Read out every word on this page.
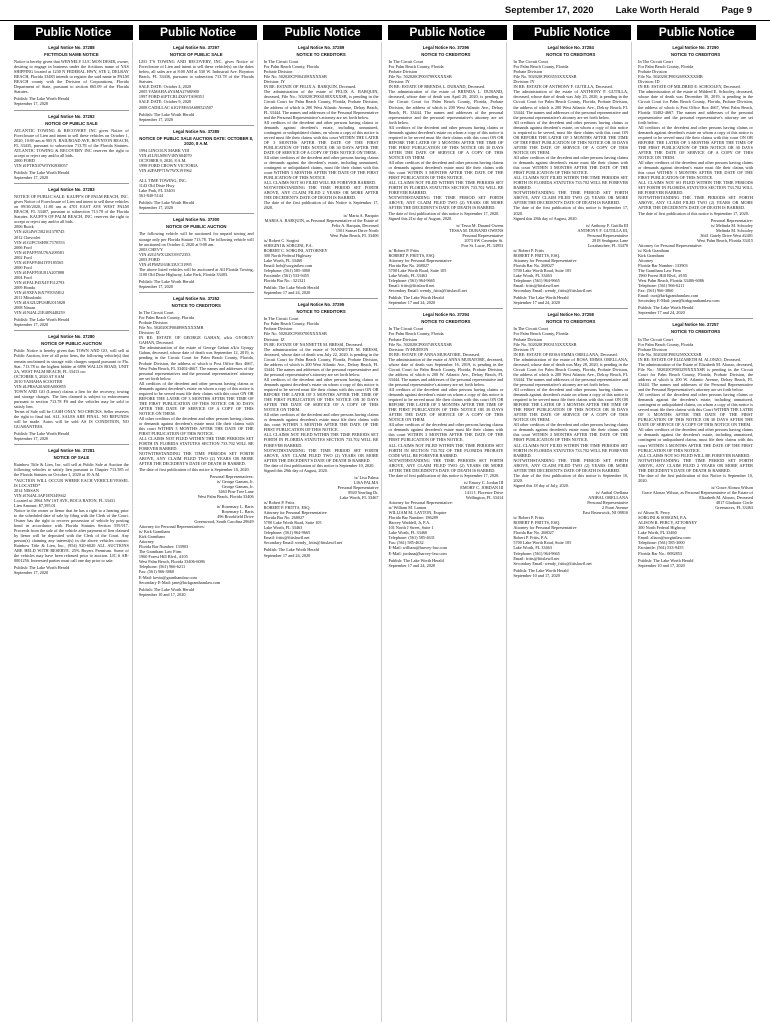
September 17, 2020 Lake Worth Herald Page 9
Public Notice	Public Notice	Public Notice	Public Notice	Public Notice	Public Notice
Legal Notice No. 37288
FICTITIOUS NAME NOTICE
Notice is hereby given that WENNELY LUC MON DESIR, owner, desiring to engage in business under the fictitious name of YAS SHIPPING located at 1230 N FEDERAL HWY, STE 2, DELRAY BEACH, Florida 33483 intends to register the said name in PALM BEACH county with the Division of Corporations, Florida Department of State, pursuant to section 865.09 of the Florida Statutes.
Publish: The Lake Worth Herald
September 17, 2020
Legal Notice No. 37292
NOTICE OF PUBLIC SALE
ATLANTIC TOWING & RECOVERY INC gives Notice of Foreclosure of Lien and intent to sell these vehicles on October 1, 2020, 10:00 am at 905 N. RAILROAD AVE, BOYNTON BEACH, FL 33435, pursuant to subsection 713.78 of the Florida Statutes. ATLANTIC TOWING & RECOVERY INC reserves the right to accept or reject any and/or all bids.
2000 FORD
VIN #1FTRX07W5YKB38057
Publish: The Lake Worth Herald
September 17, 2020
Legal Notice No. 37283
NOTICE OF PUBLIC SALE: KAUFF'S OF PALM BEACH, INC. gives Notice of Foreclosure of Lien and intent to sell these vehicles on 09/30/2020, 11:00 am at 4701 EAST AVE WEST PALM BEACH, FL 33407, pursuant to subsection 713.78 of the Florida Statutes. KAUFF'S OF PALM BEACH, INC. reserves the right to accept or reject any and/or all bids.
2006 Buick
VIN #2G4WC582161378745
2012 Chevrolet
VIN #1G1PC5SH9C7170553
2006 Ford
VIN #1FAFP55U76A209581
2002 Ford
VIN #1FAFP4041YF185565
2000 Ford
VIN #1FAFP53U81A207888
2004 Ford
VIN #1FALP45X4YF112793
2009 Honda
VIN #19XFA16X79T035812
2011 Mitsubishi
VIN #JA32U2FU6BU015828
2008 Nissan
VIN #1N4AL21E48N448259
Publish: The Lake Worth Herald
September 17, 2020
Legal Notice No. 37280
NOTICE OF PUBLIC AUCTION
Public Notice is hereby given that TOWN AND GO, will sell at Public Auction, free of all prior liens, the following vehicle(s) that remain unclaimed in storage with charges unpaid pursuant to Fla. Stat. 713.78 to the highest bidder at 6896 WALLIS ROAD, UNIT 2A, WEST PALM BEACH, FL 33413 on:
OCTOBER 5, 2020 AT 8 AM
2010 YAMAHA SCOOTER
VIN #LPRSA20A0EA000855
TOWN AND GO (Lienor) claims a lien for the recovery, towing and storage charges. The lien claimed is subject to enforcement pursuant to section 713.78 FS and the vehicles may be sold to satisfy lien.
Terms of Sale will be CASH ONLY. NO CHECKS. Seller reserves the right to final bid. ALL SALES ARE FINAL. NO REFUNDS will be made. Autos will be sold AS IS CONDITION, NO GUARANTEES.
Publish: The Lake Worth Herald
September 17, 2020
Legal Notice No. 37281
NOTICE OF SALE
Rainbow Title & Lien, Inc. will sell at Public Sale at Auction the following vehicles to satisfy lien pursuant to Chapter 713.585 of the Florida Statutes on October 1, 2020 at 10 A.M.
*AUCTION WILL OCCUR WHERE EACH VEHICLE/VESSEL IS LOCATED*
2014 NISSAN
VIN #1N4AL3AP1EN349942
Located at: 2064 NW 1ST AVE, BOCA RATON, FL 33431
Lien Amount: $7,395.01
Notice to the owner or lienor that he has a right to a hearing prior to the scheduled date of sale by filing with the Clerk of the Court. Owner has the right to recover possession of vehicle by posting bond in accordance with Florida Statutes Section 559.917. Proceeds from the sale of the vehicle after payment of lien claimed by lienor will be deposited with the Clerk of the Court. Any person(s) claiming any interest(s) in the above vehicles contact: Rainbow Title & Lien, Inc., (954) 920-6020 ALL AUCTIONS ARE HELD WITH RESERVE. 25% Buyers Premium. Some of the vehicles may have been released prior to auction. LIC # AB-0001256. Interested parties must call one day prior to sale.
Publish: The Lake Worth Herald
September 17, 2020
Legal Notice No. 37297
NOTICE OF PUBLIC SALE
LEO T'S TOWING AND RECOVERY, INC. gives Notice of Foreclosure of Lien and intent to sell these vehicle(s) on the dates below, all sales are at 8:00 AM at 530 W. Industrial Ave. Boynton Beach, FL 33436, pursuant to subsection 713.78 of the Florida Statutes.
SALE DATE: October 4, 2020
2005 YAMAHA #YAMA2768J900
1997 FORD #1FTCR14X6VTA98351
SALE DATE: October 9, 2020
2008 CADILLAC #1GYEE63A688523507
Publish: The Lake Worth Herald
September 17, 2020
Legal Notice No. 37285
NOTICE OF PUBLIC SALE AUCTION DATE: OCTOBER 8, 2020, 8 A.M.
1994 LINCOLN MARK VIII
VIN #1LNLM91V1RY604070
OCTOBER 9, 2020, 8 A.M.
1998 FORD CROWN VICTORIA
VIN #2FAFP71W7WX191962

ALL TIME TOWING, INC.
1143 Old Dixie Hwy
Lake Park, FL 33403
561-840-5144
Publish: The Lake Worth Herald
September 17, 2020
Legal Notice No. 37300
NOTICE OF PUBLIC AUCTION
The following vehicle will be auctioned for unpaid towing and storage only per Florida Statute 713.78. The following vehicle will be auctioned on October 4, 2020 at 9:00 am.
2003 CHEVY
VIN #2G1WX12K539372353
2003 FORD
VIN #1FMZU63K33UC31995
The above listed vehicles will be auctioned at All Florida Towing, 1100 Old Dixie Highway, Lake Park, Florida 33403.
Publish: The Lake Worth Herald
September 17, 2020
Legal Notice No. 37252
NOTICE TO CREDITORS
In The Circuit Court
For Palm Beach County, Florida
Probate Division
File No. 502020CP004898XXXXMB
Division: IZ
IN RE: ESTATE OF GEORGE GAHAN, a/k/a GYORGY GAHAN, Deceased.
The administration of the estate of George Gahan a/k/a Gyorgy Gahan, deceased, whose date of death was September 12, 2019, is pending in the Circuit Court for Palm Beach County, Florida, Probate Division, the address of which is Post Office Box 4667, West Palm Beach, FL 33402-4667. The names and addresses of the personal representatives and the personal representatives' attorney are set forth below.
All creditors of the decedent and other persons having claims or demands against decedent's estate on whom a copy of this notice is required to be served must file their claims with this court ON OR BEFORE THE LATER OF 3 MONTHS AFTER THE TIME OF THE FIRST PUBLICATION OF THIS NOTICE OR 30 DAYS AFTER THE DATE OF SERVICE OF A COPY OF THIS NOTICE ON THEM.
All other creditors of the decedent and other persons having claims or demands against decedent's estate must file their claims with this court WITHIN 3 MONTHS AFTER THE DATE OF THE FIRST PUBLICATION OF THIS NOTICE.
ALL CLAIMS NOT FILED WITHIN THE TIME PERIODS SET FORTH IN FLORIDA STATUTES SECTION 733.702 WILL BE FOREVER BARRED.
NOTWITHSTANDING THE TIME PERIODS SET FORTH ABOVE, ANY CLAIM FILED TWO (2) YEARS OR MORE AFTER THE DECEDENT'S DATE OF DEATH IS BARRED.
The date of first publication of this notice is September 10, 2020.
Personal Representatives:
is/ George Gaman, Jr.
George Gaman, Jr.
3463 Pine Tree Lane
West Palm Beach, Florida 33406

is/ Rosemary L. Baris
Rosemary L. Baris
496 Brookfield Drive
Greenwood, South Carolina 29649
Attorney for Personal Representatives:
is/ Kirk Grantham
Kirk Grantham
Attorney
Florida Bar Number: 133903
The Grantham Law Firm
1960 Forest Hill Blvd., #105
West Palm Beach, Florida 33406-6086
Telephone: (561) 966-6211
Fax: (561) 966-3860
E-Mail: kevin@granthamlaw.com
Secondary E-Mail: jane@kirkgranthamlaw.com
Publish: The Lake Worth Herald
September 10 and 17, 2020
Legal Notice No. 37289
NOTICE TO CREDITORS
In The Circuit Court
For Palm Beach County, Florida
Probate Division
File No. 502020CP004108XXXXSB
Division: IY
IN RE: ESTATE OF FELIX A. BARQUIN, Deceased.
The administration of the estate of FELIX A. BARQUIN, deceased, File No.: 502020CP004108XXXXSB, is pending in the Circuit Court for Palm Beach County, Florida, Probate Division, the address of which is 200 West Atlantic Avenue, Delray Beach, FL 33444. The names and addresses of the Personal Representative and the Personal Representative's attorney are set forth below.
All creditors of the decedent and other persons having claims or demands against decedent's estate, including unmatured, contingent or unliquidated claims, on whom a copy of this notice is served must file their claims with this court WITHIN THE LATER OF 3 MONTHS AFTER THE DATE OF THE FIRST PUBLICATION OF THIS NOTICE OR 30 DAYS AFTER THE DATE OF SERVICE OF A COPY OF THIS NOTICE ON THEM.
All other creditors of the decedent and other persons having claims or demands against the decedent's estate, including unmatured, contingent or unliquidated claims, must file their claims with this court WITHIN 3 MONTHS AFTER THE DATE OF THE FIRST PUBLICATION OF THIS NOTICE.
ALL CLAIMS NOT SO FILED WILL BE FOREVER BARRED.
NOTWITHSTANDING THE TIME PERIOD SET FORTH ABOVE, ANY CLAIM FILED 2 YEARS OR MORE AFTER THE DECEDENT'S DATE OF DEATH IS BARRED.
The date of the first publication of this Notice is September 17, 2020.
is/ Maria A. Barquin
MARIA A. BARQUIN, as Personal Representative of the Estate of Felix A. Barquin, Deceased
1501 Sunset Drive North
West Palm Beach, FL 33406
is/ Robert C. Sorgini
SORGINI & SORGINI, P.A.
ROBERT C. SORGINI, ATTORNEY
300 North Federal Highway
Lake Worth, FL 33460
Email: bob@sorginilaw.com
Telephone: (561) 585-3000
Facsimile: (561) 533-9455
Florida Bar No.: 321321
Publish: The Lake Worth Herald
September 17 and 24, 2020
Legal Notice No. 37295
NOTICE TO CREDITORS
In The Circuit Court
For Palm Beach County, Florida
Probate Division
File No. 502020CP003700XXXXSB
Division: IZ
IN RE: ESTATE OF NANNETTE M. BRESSI, Deceased.
The administration of the estate of NANNETTE M. BRESSI, deceased, whose date of death was July 22, 2020, is pending in the Circuit Court for Palm Beach County, Florida, Probate Division, the address of which is 200 West Atlantic Ave., Delray Beach, FL 33444. The names and addresses of the personal representative and the personal representative's attorney are set forth below.
All creditors of the decedent and other persons having claims or demands against decedent's estate on whom a copy of this notice is required to be served must file their claims with this court ON OR BEFORE THE LATER OF 3 MONTHS AFTER THE TIME OF THE FIRST PUBLICATION OF THIS NOTICE OR 30 DAYS AFTER THE DATE OF SERVICE OF A COPY OF THIS NOTICE ON THEM.
All other creditors of the decedent and other persons having claims or demands against decedent's estate must file their claims with this court WITHIN 3 MONTHS AFTER THE DATE OF THE FIRST PUBLICATION OF THIS NOTICE.
ALL CLAIMS NOT FILED WITHIN THE TIME PERIODS SET FORTH IN FLORIDA STATUTES SECTION 733.702 WILL BE FOREVER BARRED.
NOTWITHSTANDING THE TIME PERIOD SET FORTH ABOVE, ANY CLAIM FILED TWO (2) YEARS OR MORE AFTER THE DECEDENT'S DATE OF DEATH IS BARRED.
The date of first publication of this notice is September 10, 2020.
Signed this 29th day of August, 2020.
is/ Lisa Palma
LISA PALMA
Personal Representative
8920 Yearling Dr.
Lake Worth, FL 33467
is/ Robert P. Fritts
ROBERT P. FRITTS, ESQ.
Attorney for Personal Representative
Florida Bar No. 268027
5700 Lake Worth Road, Suite 105
Lake Worth, FL 33463
Telephone: (561) 964-9665
Email: fritts@fittslawfl.net
Secondary Email: wendy_fritts@fittslawfl.net
Publish: The Lake Worth Herald
September 17 and 24, 2020
Legal Notice No. 37296
NOTICE TO CREDITORS
In The Circuit Court
For Palm Beach County, Florida
Probate Division
File No. 502020CP003789XXXXSB
Division: IY
IN RE: ESTATE OF BRENDA L. DURAND, Deceased.
The administration of the estate of BRENDA L. DURAND, deceased, whose date of death was April 29, 2020, is pending in the Circuit Court for Palm Beach County, Florida, Probate Division, the address of which is 200 West Atlantic Ave., Delray Beach, FL 33444. The names and addresses of the personal representative and the personal representative's attorney are set forth below.
All creditors of the decedent and other persons having claims or demands against decedent's estate on whom a copy of this notice is required to be served must file their claims with this court ON OR BEFORE THE LATER OF 3 MONTHS AFTER THE TIME OF THE FIRST PUBLICATION OF THIS NOTICE OR 30 DAYS AFTER THE DATE OF SERVICE OF A COPY OF THIS NOTICE ON THEM.
All other creditors of the decedent and other persons having claims or demands against decedent's estate must file their claims with this court WITHIN 3 MONTHS AFTER THE DATE OF THE FIRST PUBLICATION OF THIS NOTICE.
ALL CLAIMS NOT FILED WITHIN THE TIME PERIODS SET FORTH IN FLORIDA STATUTES SECTION 733.702 WILL BE FOREVER BARRED.
NOTWITHSTANDING THE TIME PERIOD SET FORTH ABOVE, ANY CLAIM FILED TWO (2) YEARS OR MORE AFTER THE DECEDENT'S DATE OF DEATH IS BARRED.
The date of first publication of this notice is September 17, 2020.
Signed this 21st day of August, 2020.
is/ Tessa M. Durand Owens
TESSA M. DURAND OWENS
Personal Representative
2073 SW Cavender St.
Port St. Lucie, FL 34953
is/ Robert P. Fritts
ROBERT P. FRITTS, ESQ.
Attorney for Personal Representative
Florida Bar No. 268027
5700 Lake Worth Road, Suite 105
Lake Worth, FL 33463
Telephone: (561) 964-9665
Email: fritts@fittslawfl.net
Secondary Email: wendy_fritts@fittslawfl.net
Publish: The Lake Worth Herald
September 17 and 24, 2020
Legal Notice No. 37294
NOTICE TO CREDITORS
In The Circuit Court
For Palm Beach County, Florida
Probate Division
File No. 502020CP003749XXXXSB
Division: IY/HURTON
IN RE: ESTATE OF ANNA MURATORE, Deceased.
The administration of the estate of ANNA MURATORE, deceased, whose date of death was September 16, 2019, is pending in the Circuit Court for Palm Beach County, Florida, Probate Division, the address of which is 200 W. Atlantic Ave., Delray Beach, FL 33444. The names and addresses of the personal representative and the personal representative's attorney are set forth below.
All creditors of the decedent and other persons having claims or demands against decedent's estate on whom a copy of this notice is required to be served must file their claims with this court ON OR BEFORE THE LATER OF 3 MONTHS AFTER THE TIME OF THE FIRST PUBLICATION OF THIS NOTICE OR 30 DAYS AFTER THE DATE OF SERVICE OF A COPY OF THIS NOTICE ON THEM.
All other creditors of the decedent and other persons having claims or demands against decedent's estate must file their claims with this court WITHIN 3 MONTHS AFTER THE DATE OF THE FIRST PUBLICATION OF THIS NOTICE.
ALL CLAIMS NOT FILED WITHIN THE TIME PERIODS SET FORTH IN SECTION 733.702 OF THE FLORIDA PROBATE CODE WILL BE FOREVER BARRED.
NOTWITHSTANDING THE TIME PERIODS SET FORTH ABOVE, ANY CLAIM FILED TWO (2) YEARS OR MORE AFTER THE DECEDENT'S DATE OF DEATH IS BARRED.
The date of first publication of this notice is September 17, 2020.
is/ Emory C. Jordan III
EMORY C. JORDAN III
1411 I. Florence Drive
Wellington, FL 33414
Attorney for Personal Representative:
is/ William M. Lanton
WILLIAM M. LAYTON, Esquire
Florida Bar Number: 186289
Harvey Waddell, Jr, P.A.
101 North J Street, Suite 1
Lake Worth, FL 33460
Telephone: (561) 585-4631
Fax: (561) 585-4632
E-Mail: william@harvey-law.com
E-Mail: jordana@harvey-law.com
Publish: The Lake Worth Herald
September 17 and 24, 2020
Legal Notice No. 37284
NOTICE TO CREDITORS
In The Circuit Court
For Palm Beach County, Florida
Probate Division
File No. 502020CP003553XXXXSB
Division: IY
IN RE: ESTATE OF ANTHONY F. GUTILLA, Deceased.
The administration of the estate of ANTHONY F. GUTILLA, deceased, whose date of death was July 25, 2020, is pending in the Circuit Court for Palm Beach County, Florida, Probate Division, the address of which is 200 West Atlantic Ave., Delray Beach, FL 33444. The names and addresses of the personal representative and the personal representative's attorney are set forth below.
All creditors of the decedent and other persons having claims or demands against decedent's estate, on whom a copy of this notice is required to be served, must file their claims with this court ON OR BEFORE THE LATER OF 3 MONTHS AFTER THE TIME OF THE FIRST PUBLICATION OF THIS NOTICE OR 30 DAYS AFTER THE DATE OF SERVICE OF A COPY OF THIS NOTICE ON THEM.
All other creditors of the decedent and other persons having claims or demands against decedent's estate must file their claims with this court WITHIN 3 MONTHS AFTER THE DATE OF THE FIRST PUBLICATION OF THIS NOTICE.
ALL CLAIMS NOT FILED WITHIN THE TIME PERIODS SET FORTH IN FLORIDA STATUTES 733.702 WILL BE FOREVER BARRED.
NOTWITHSTANDING THE TIME PERIOD SET FORTH ABOVE, ANY CLAIM FILED TWO (2) YEARS OR MORE AFTER THE DECEDENT'S DATE OF DEATH IS BARRED.
The date of the first publication of this notice is September 17, 2020.
Signed this 28th day of August, 2020.
is/ Anthony F. Gutilla III
ANTHONY F. GUTILLA III,
Personal Representative
2918 Seahgrass Lane
Loxahatchee, FL 33470
is/ Robert P. Fritts
ROBERT P. FRITTS, ESQ.
Attorney for Personal Representative
Florida Bar No. 268027
5700 Lake Worth Road, Suite 105
Lake Worth, FL 33463
Telephone: (561) 964-9665
Email: fritts@fittslawfl.net
Secondary Email: wendy_fritts@fittslawfl.net
Publish: The Lake Worth Herald
September 17 and 24, 2020
Legal Notice No. 37258
NOTICE TO CREDITORS
In The Circuit Court
For Palm Beach County, Florida
Probate Division
File No. 502020CP003153XXXXSB
Division: IY
IN RE: ESTATE OF ROSA EMMA ORELLANA, Deceased.
The administration of the estate of ROSA EMMA ORELLANA, deceased, whose date of death was May 28, 2020, is pending in the Circuit Court for Palm Beach County, Florida, Probate Division, the address of which is 200 West Atlantic Ave., Delray Beach, FL 33444. The names and addresses of the personal representative and the personal representative's attorney are set forth below.
All creditors of the decedent and other persons having claims or demands against decedent's estate on whom a copy of this notice is required to be served must file their claims with this court ON OR BEFORE THE LATER OF 3 MONTHS AFTER THE TIME OF THE FIRST PUBLICATION OF THIS NOTICE OR 30 DAYS AFTER THE DATE OF SERVICE OF A COPY OF THIS NOTICE ON THEM.
All other creditors of the decedent and other persons having claims or demands against decedent's estate must file their claims with this court WITHIN 3 MONTHS AFTER THE DATE OF THE FIRST PUBLICATION OF THIS NOTICE.
ALL CLAIMS NOT FILED WITHIN THE TIME PERIODS SET FORTH IN FLORIDA STATUTES 733.702 WILL BE FOREVER BARRED.
NOTWITHSTANDING THE TIME PERIOD SET FORTH ABOVE, ANY CLAIM FILED TWO (2) YEARS OR MORE AFTER THE DECEDENT'S DATE OF DEATH IS BARRED.
The date of the first publication of this notice is September 10, 2020.
Signed this 18 day of July, 2020.
is/ Anibal Orellana
ANIBAL ORELLANA
Personal Representative
2 Front Avenue
East Brunswick, NJ 08816
is/ Robert P. Fritts
ROBERT P. FRITTS, ESQ.
Attorney for Personal Representative
Florida Bar No. 268027
Robert P. Fritts, P.A.
5700 Lake Worth Road, Suite 105
Lake Worth, FL 33463
Telephone: (561) 964-9665
Email: fritts@fittslawfl.net
Secondary Email: wendy_fritts@fittslawfl.net
Publish: The Lake Worth Herald
September 10 and 17, 2020
Legal Notice No. 37290
NOTICE TO CREDITORS
In The Circuit Court
For Palm Beach County, Florida
Probate Division
File No. 502020CP003269XXXXMB
Division: ID
IN RE: ESTATE OF MILDRED E. SCHOOLEY, Deceased.
The administration of the estate of Mildred E. Schooley, deceased, whose date of death was December 30, 2019, is pending in the Circuit Court for Palm Beach County, Florida, Probate Division, the address of which is Post Office Box 4667, West Palm Beach, Florida 33402-4667. The names and addresses of the personal representative and the personal representative's attorney are set forth below.
All creditors of the decedent and other persons having claims or demands against decedent's estate on whom a copy of this notice is required to be served must file their claims with this court ON OR BEFORE THE LATER OF 3 MONTHS AFTER THE TIME OF THE FIRST PUBLICATION OF THIS NOTICE OR 30 DAYS AFTER THE DATE OF SERVICE OF A COPY OF THIS NOTICE ON THEM.
All other creditors of the decedent and other persons having claims or demands against decedent's estate must file their claims with this court WITHIN 3 MONTHS AFTER THE DATE OF THE FIRST PUBLICATION OF THIS NOTICE.
ALL CLAIMS NOT SO FILED WITHIN THE TIME PERIODS SET FORTH IN FLORIDA STATUTES SECTION 733.702 WILL BE FOREVER BARRED.
NOTWITHSTANDING THE TIME PERIODS SET FORTH ABOVE, ANY CLAIM FILED TWO (2) YEARS OR MORE AFTER THE DECEDENT'S DATE OF DEATH IS BARRED.
The date of first publication of this notice is September 17, 2020.
Personal Representative:
is/ Melinda M. Schooley
Melinda M. Schooley
3641 Gately Drive West #2401
West Palm Beach, Florida 33415
Attorney for Personal Representative:
is/ Kirk Grantham
Kirk Grantham
Attorney
Florida Bar Number: 133903
The Grantham Law Firm
1960 Forest Hill Blvd., #105
West Palm Beach, Florida 33406-6086
Telephone: (561) 966-6211
Fax: (561) 966-3860
Email: curt@kirkgranthamlaw.com
Secondary E-Mail: jane@kirkgranthamlaw.com
Publish: The Lake Worth Herald
September 17 and 24, 2020
Legal Notice No. 37257
NOTICE TO CREDITORS
In The Circuit Court
For Palm Beach County, Florida
Probate Division
File No. 502020CP003259XXXXSB
IN RE: ESTATE OF ELIZABETH M. ALONZO, Deceased.
The administration of the Estate of Elizabeth M. Alonzo, deceased, File No.: 502020CP003259XXXXSB is pending in the Circuit Court for Palm Beach County, Florida, Probate Division, the address of which is 200 W. Atlantic Avenue, Delray Beach, FL 33444. The names and addresses of the Personal Representative and the Personal Representative's attorney are set forth below.
All creditors of the decedent and other persons having claims or demands against the decedent's estate, including unmatured, contingent or unliquidated claims, on whom a copy of this notice is served must file their claims with this Court WITHIN THE LATER OF 3 MONTHS AFTER THE DATE OF THE FIRST PUBLICATION OF THIS NOTICE OR 30 DAYS AFTER THE DATE OF SERVICE OF A COPY OF THIS NOTICE ON THEM.
All other creditors of the decedent and other persons having claims or demands against the decedent's estate, including unmatured, contingent or unliquidated claims, must file their claims with this court WITHIN 3 MONTHS AFTER THE DATE OF THE FIRST PUBLICATION OF THIS NOTICE.
ALL CLAIMS NOT SO FILED WILL BE FOREVER BARRED.
NOTWITHSTANDING THE TIME PERIOD SET FORTH ABOVE, ANY CLAIM FILED 2 YEARS OR MORE AFTER THE DECEDENT'S DATE OF DEATH IS BARRED.
The date of the first publication of this Notice is September 10, 2020.
is/ Grace Alonzo Wilson
Grace Alonzo Wilson, as Personal Representative of the Estate of Elizabeth M. Alonzo, Deceased
4817 Gladiator Circle
Greenacres, FL 33463
is/ Alison R. Percy
SORGINI & SORGINI, P.A.
ALISON R. PERCY, ATTORNEY
300 North Federal Highway
Lake Worth, FL 33460
Email: alison@sorginilaw.com
Telephone: (561) 585-3000
Facsimile: (561) 533-9455
Florida Bar No.: 0082853
Publish: The Lake Worth Herald
September 10 and 17, 2020
